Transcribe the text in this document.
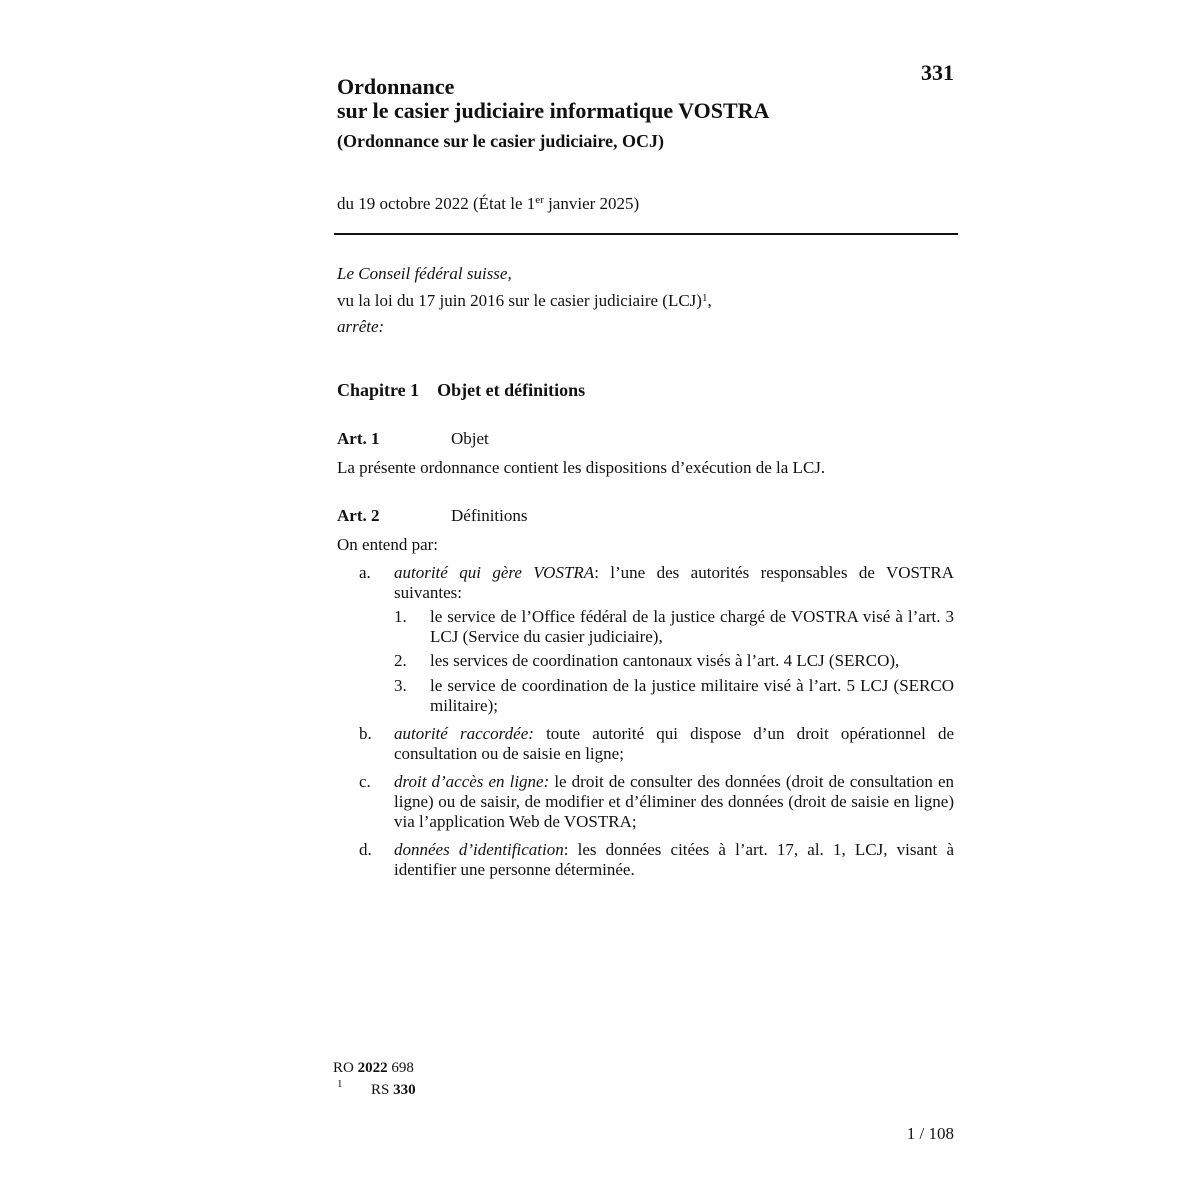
331
Ordonnance
sur le casier judiciaire informatique VOSTRA
(Ordonnance sur le casier judiciaire, OCJ)
du 19 octobre 2022 (État le 1er janvier 2025)
Le Conseil fédéral suisse,
vu la loi du 17 juin 2016 sur le casier judiciaire (LCJ)$^1$,
arrête:
Chapitre 1 Objet et définitions
Art. 1	Objet
La présente ordonnance contient les dispositions d’exécution de la LCJ.
Art. 2	Définitions
On entend par:
a. autorité qui gère VOSTRA: l’une des autorités responsables de VOSTRA suivantes:
1. le service de l’Office fédéral de la justice chargé de VOSTRA visé à l’art. 3 LCJ (Service du casier judiciaire),
2. les services de coordination cantonaux visés à l’art. 4 LCJ (SERCO),
3. le service de coordination de la justice militaire visé à l’art. 5 LCJ (SERCO militaire);
b. autorité raccordée: toute autorité qui dispose d’un droit opérationnel de consultation ou de saisie en ligne;
c. droit d’accès en ligne: le droit de consulter des données (droit de consultation en ligne) ou de saisir, de modifier et d’éliminer des données (droit de saisie en ligne) via l’application Web de VOSTRA;
d. données d’identification: les données citées à l’art. 17, al. 1, LCJ, visant à identifier une personne déterminée.
RO 2022 698
1 RS 330
1 / 108
